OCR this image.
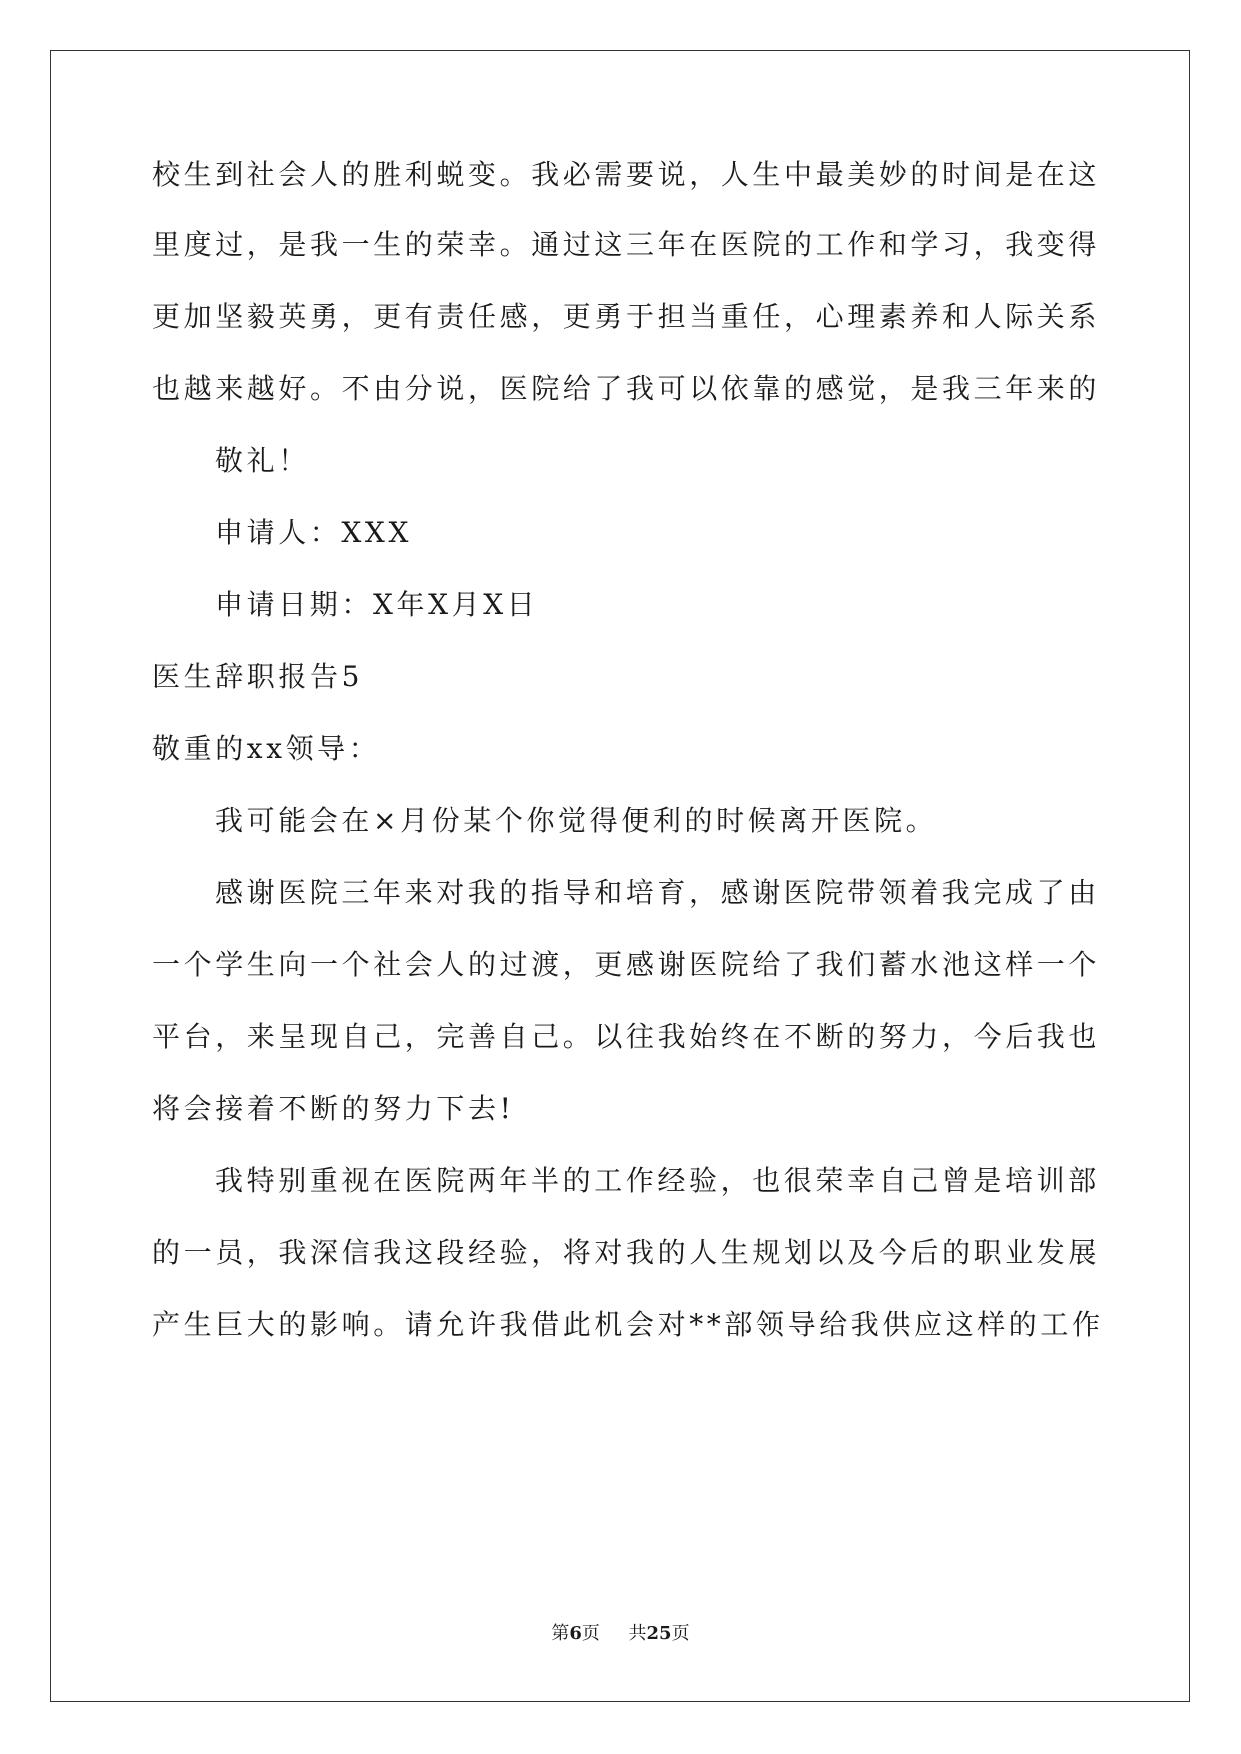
校生到社会人的胜利蜕变。我必需要说，人生中最美妙的时间是在这
里度过，是我一生的荣幸。通过这三年在医院的工作和学习，我变得
更加坚毅英勇，更有责任感，更勇于担当重任，心理素养和人际关系
也越来越好。不由分说，医院给了我可以依靠的感觉，是我三年来的
敬礼！
申请人：XXX
申请日期：X年X月X日
医生辞职报告5
敬重的xx领导：
我可能会在×月份某个你觉得便利的时候离开医院。
感谢医院三年来对我的指导和培育，感谢医院带领着我完成了由
一个学生向一个社会人的过渡，更感谢医院给了我们蓄水池这样一个
平台，来呈现自己，完善自己。以往我始终在不断的努力，今后我也
将会接着不断的努力下去!
我特别重视在医院两年半的工作经验，也很荣幸自己曾是培训部
的一员，我深信我这段经验，将对我的人生规划以及今后的职业发展
产生巨大的影响。请允许我借此机会对**部领导给我供应这样的工作
第6页 共25页
